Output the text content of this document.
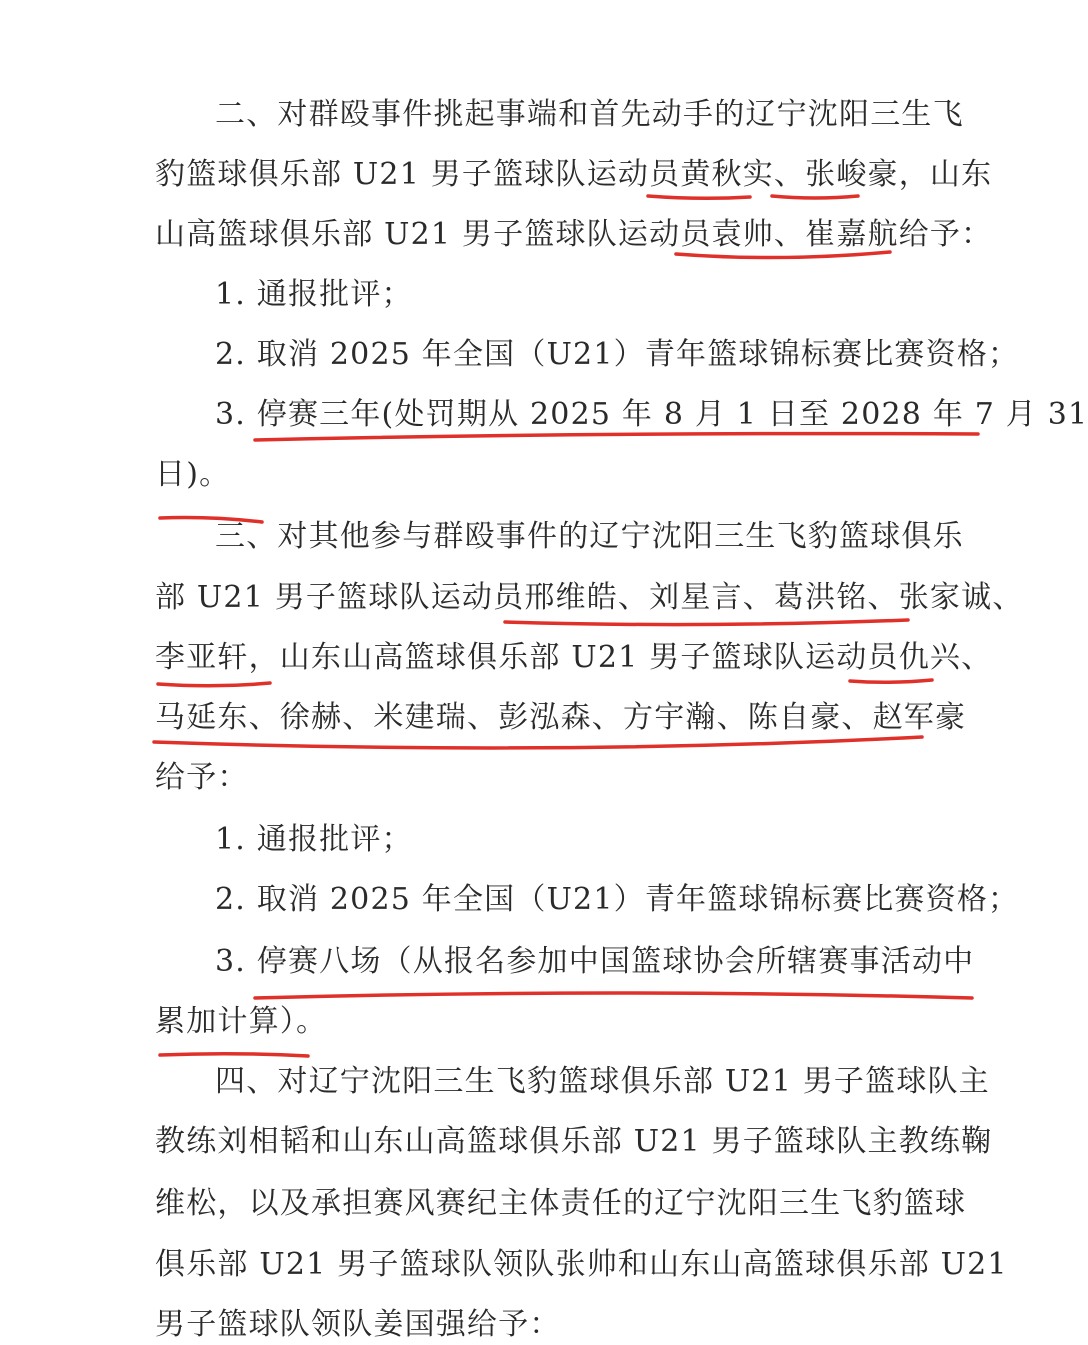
二、对群殴事件挑起事端和首先动手的辽宁沈阳三生飞
豹篮球俱乐部 U21 男子篮球队运动员黄秋实、张峻豪，山东
山高篮球俱乐部 U21 男子篮球队运动员袁帅、崔嘉航给予：
1. 通报批评；
2. 取消 2025 年全国（U21）青年篮球锦标赛比赛资格；
3. 停赛三年(处罚期从 2025 年 8 月 1 日至 2028 年 7 月 31
日)。
三、对其他参与群殴事件的辽宁沈阳三生飞豹篮球俱乐
部 U21 男子篮球队运动员邢维皓、刘星言、葛洪铭、张家诚、
李亚轩，山东山高篮球俱乐部 U21 男子篮球队运动员仇兴、
马延东、徐赫、米建瑞、彭泓森、方宇瀚、陈自豪、赵军豪
给予：
1. 通报批评；
2. 取消 2025 年全国（U21）青年篮球锦标赛比赛资格；
3. 停赛八场（从报名参加中国篮球协会所辖赛事活动中
累加计算）。
四、对辽宁沈阳三生飞豹篮球俱乐部 U21 男子篮球队主
教练刘相韬和山东山高篮球俱乐部 U21 男子篮球队主教练鞠
维松，以及承担赛风赛纪主体责任的辽宁沈阳三生飞豹篮球
俱乐部 U21 男子篮球队领队张帅和山东山高篮球俱乐部 U21
男子篮球队领队姜国强给予：
